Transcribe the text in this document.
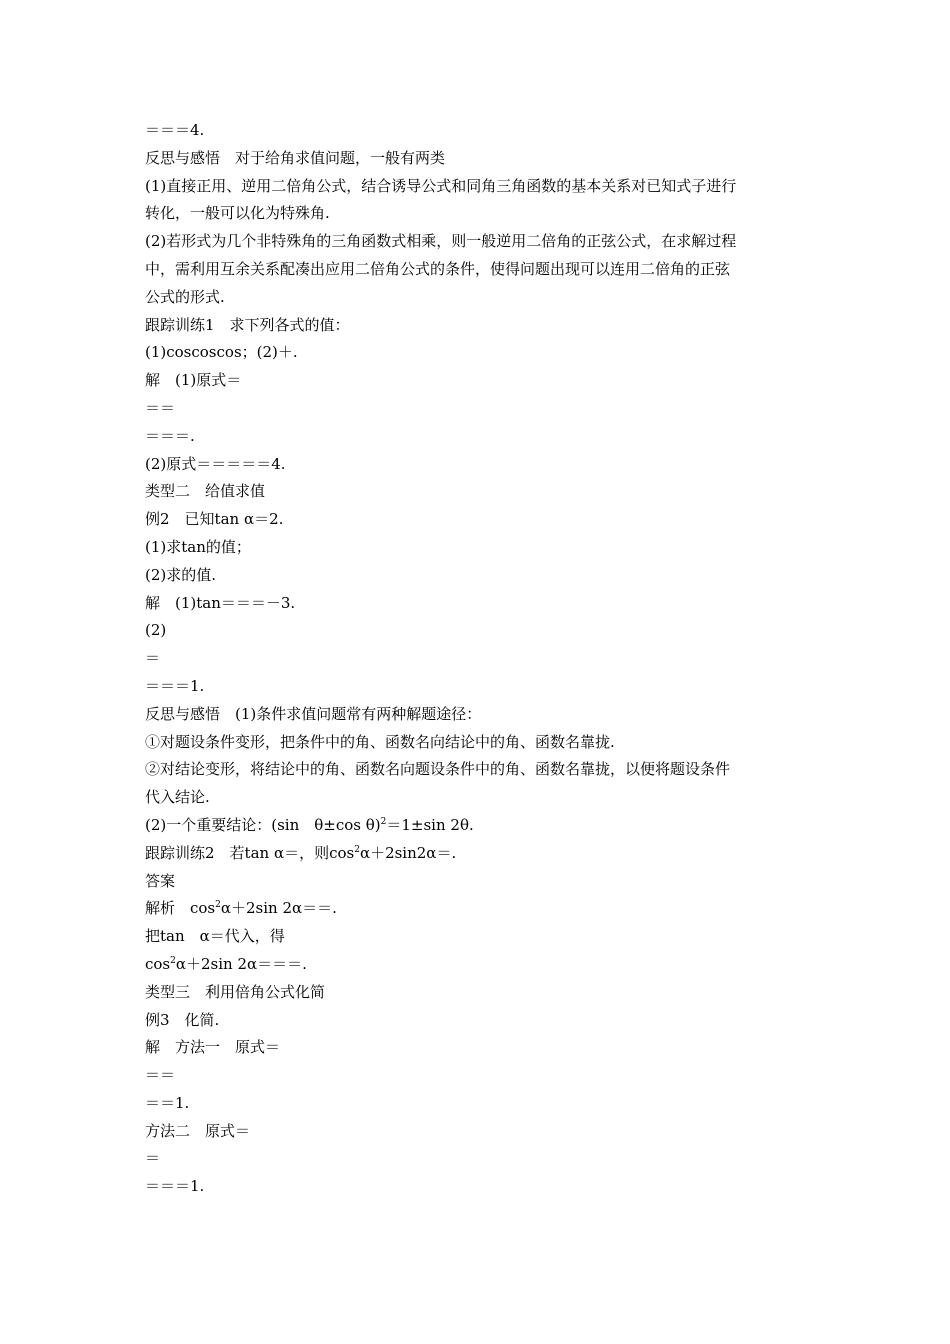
＝＝＝4.
反思与感悟　对于给角求值问题，一般有两类
(1)直接正用、逆用二倍角公式，结合诱导公式和同角三角函数的基本关系对已知式子进行
转化，一般可以化为特殊角.
(2)若形式为几个非特殊角的三角函数式相乘，则一般逆用二倍角的正弦公式，在求解过程
中，需利用互余关系配凑出应用二倍角公式的条件，使得问题出现可以连用二倍角的正弦
公式的形式.
跟踪训练1　求下列各式的值：
(1)coscoscos；(2)＋.
解　(1)原式＝
＝＝
＝＝＝.
(2)原式＝＝＝＝＝4.
类型二　给值求值
例2　已知tan α＝2.
(1)求tan的值；
(2)求的值.
解　(1)tan＝＝＝－3.
(2)
＝
＝＝＝1.
反思与感悟　(1)条件求值问题常有两种解题途径：
①对题设条件变形，把条件中的角、函数名向结论中的角、函数名靠拢.
②对结论变形，将结论中的角、函数名向题设条件中的角、函数名靠拢，以便将题设条件
代入结论.
(2)一个重要结论：(sin　θ±cos θ)$^2$＝1±sin 2θ.
跟踪训练2　若tan α＝，则$\cos^2\alpha+2\sin 2\alpha=$.
答案
解析　$\cos^2\alpha+2\sin$ 2α＝＝.
把tan　α＝代入，得
$\cos^2\alpha+2\sin$ 2α＝＝＝.
类型三　利用倍角公式化简
例3　化简.
解　方法一　原式＝
＝＝
＝＝1.
方法二　原式＝
＝
＝＝＝1.
